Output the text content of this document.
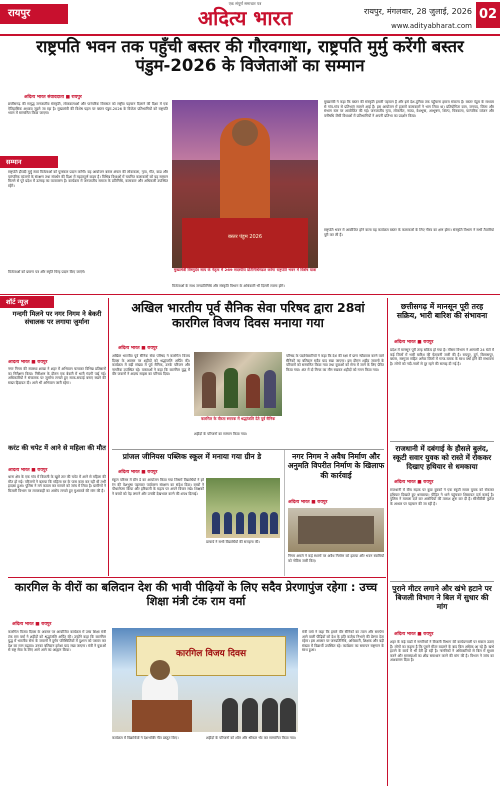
रायपुर
एक संपूर्ण समाचार पत्र
अदित्य भारत	रायपुर, मंगलवार, 28 जुलाई, 2026
www.adityabharat.com
02
राष्ट्रपति भवन तक पहुँची बस्तर की गौरवगाथा, राष्ट्रपति मुर्मु करेंगी बस्तर पंडुम-2026 के विजेताओं का सम्मान
अदित्य भारत संवाददाता ■ रायपुर
छत्तीसगढ़ की समृद्ध जनजातीय संस्कृति, लोककलाओं और पारंपरिक विरासत को राष्ट्रीय पहचान दिलाने की दिशा में एक ऐतिहासिक अध्याय जुड़ने जा रहा है। मुख्यमंत्री की विशेष पहल पर बस्तर पंडुम-2026 के विजेता प्रतिभागियों को राष्ट्रपति भवन में सम्मानित किया जाएगा।
सम्मान
राष्ट्रपति द्रौपदी मुर्मु स्वयं विजेताओं को पुरस्कार प्रदान करेंगी। यह आयोजन बस्तर अंचल की लोककला, नृत्य, गीत, वाद्य और पारंपरिक व्यंजनों के संरक्षण तथा संवर्धन की दिशा में महत्वपूर्ण कदम है। विभिन्न विधाओं में चयनित कलाकारों को यह सम्मान मिलने से पूरे प्रदेश में उत्साह का वातावरण है। कार्यक्रम में जनजातीय समाज के प्रतिनिधि, कलाकार और अधिकारी उपस्थित रहेंगे।
बस्तर पंडुम 2026
मुख्यमंत्री विष्णुदेव साय के नेतृत्व में 269 सदस्यीय प्रतिनिधिमंडल करेगा राष्ट्रपति भवन में विशेष यात्रा
मुख्यमंत्री ने कहा कि बस्तर की संस्कृति हमारी पहचान है और इसे देश-दुनिया तक पहुँचाना हमारा संकल्प है। बस्तर पंडुम के माध्यम से गांव-गांव से प्रतिभाएं सामने आई हैं। इस आयोजन में हजारों कलाकारों ने भाग लिया था। प्रतियोगिता ग्राम, जनपद, जिला और संभाग स्तर पर आयोजित की गई। जनजातीय नृत्य, लोकगीत, नाट्य, वेशभूषा, आभूषण, शिल्प, चित्रकला, पारंपरिक व्यंजन और वनौषधि जैसी विधाओं में प्रतिभागियों ने अपनी प्रतिभा का प्रदर्शन किया।
राष्ट्रपति भवन में आयोजित होने वाला यह कार्यक्रम बस्तर के कलाकारों के लिए गौरव का क्षण होगा। संस्कृति विभाग ने सभी तैयारियां पूरी कर ली हैं।
विजेताओं को प्रमाण पत्र और स्मृति चिन्ह प्रदान किए जाएंगे।
विजेताओं के साथ जनप्रतिनिधि और संस्कृति विभाग के अधिकारी भी दिल्ली रवाना होंगे।
शॉर्ट न्यूज़
गन्दगी मिलने पर नगर निगम ने बेकरी संचालक पर लगाया जुर्माना

अदित्य भारत ■ रायपुर

नगर निगम की स्वास्थ्य शाखा ने शहर में अभियान चलाकर विभिन्न प्रतिष्ठानों का निरीक्षण किया। निरीक्षण के दौरान एक बेकरी में भारी गंदगी पाई गई। अधिकारियों ने संचालक पर जुर्माना लगाते हुए साफ-सफाई बनाए रखने की सख्त हिदायत दी। आगे भी अभियान जारी रहेगा।

करंट की चपेट में आने से महिला की मौत

अदित्य भारत ■ रायपुर

थाना क्षेत्र के एक गांव में बिजली के खुले तार की चपेट में आने से महिला की मौत हो गई। परिजनों ने बताया कि महिला घर के पास काम कर रही थी तभी हादसा हुआ। पुलिस ने मर्ग कायम कर मामले को जांच में लिया है। ग्रामीणों ने बिजली विभाग पर लापरवाही का आरोप लगाते हुए मुआवजे की मांग की है।

अखिल भारतीय पूर्व सैनिक सेवा परिषद द्वारा 28वां कारगिल विजय दिवस मनाया गया
अदित्य भारत ■ रायपुर
अखिल भारतीय पूर्व सैनिक सेवा परिषद ने कारगिल विजय दिवस के अवसर पर शहीदों को श्रद्धांजलि अर्पित की। कार्यक्रम में बड़ी संख्या में पूर्व सैनिक, उनके परिजन और नागरिक उपस्थित रहे। वक्ताओं ने कहा कि कारगिल युद्ध में वीर जवानों ने अदम्य साहस का परिचय दिया।
कारगिल के वीरता स्मारक में श्रद्धांजलि देते पूर्व सैनिक
शहीदों के परिजनों का सम्मान किया गया।
परिषद के पदाधिकारियों ने कहा कि देश की रक्षा में प्राण न्यौछावर करने वाले सैनिकों का बलिदान सदैव याद रखा जाएगा। इस दौरान शहीद जवानों के परिवारों को सम्मानित किया गया तथा युवाओं को सेना में जाने के लिए प्रेरित किया गया। अंत में दो मिनट का मौन रखकर शहीदों को नमन किया गया।
प्रांजल जीनियस पब्लिक स्कूल में मनाया गया ग्रीन डे
अदित्य भारत ■ रायपुर
स्कूल परिसर में ग्रीन डे का आयोजन किया गया जिसमें विद्यार्थियों ने हरे रंग की वेशभूषा पहनकर पर्यावरण संरक्षण का संदेश दिया। बच्चों ने पौधारोपण किया और हरियाली के महत्व पर अपने विचार रखे। शिक्षकों ने बच्चों को पेड़ लगाने और उनकी देखभाल करने की शपथ दिलाई।
प्राचार्य ने सभी विद्यार्थियों की सराहना की।
नगर निगम ने अवैध निर्माण और अनुमति विपरीत निर्माण के खिलाफ की कार्रवाई
अदित्य भारत ■ रायपुर
निगम अमले ने कई स्थानों पर अवैध निर्माण को हटाया और भवन स्वामियों को नोटिस जारी किए।
छत्तीसगढ़ में मानसून पूरी तरह सक्रिय, भारी बारिश की संभावना
अदित्य भारत ■ रायपुर
प्रदेश में मानसून पूरी तरह सक्रिय हो गया है। मौसम विभाग ने आगामी 24 घंटों में कई जिलों में भारी बारिश की चेतावनी जारी की है। रायपुर, दुर्ग, बिलासपुर, बस्तर, सरगुजा सहित अनेक जिलों में गरज-चमक के साथ वर्षा होने की संभावना है। लोगों को नदी-नालों से दूर रहने की सलाह दी गई है।
राजधानी में दबंगाई के हौसले बुलंद, स्कूटी सवार युवक को रास्ते में रोककर दिखाए हथियार से धमकाया
अदित्य भारत ■ रायपुर
राजधानी में बीच सड़क पर कुछ युवकों ने एक स्कूटी सवार युवक को रोककर हथियार दिखाते हुए धमकाया। पीड़ित ने थाने पहुंचकर शिकायत दर्ज कराई है। पुलिस ने मामला दर्ज कर आरोपियों की तलाश शुरू कर दी है। सीसीटीवी फुटेज के आधार पर पहचान की जा रही है।
पुराने मीटर लगाने और खंभे हटाने पर बिजली विभाग ने बिल में सुधार की मांग
अदित्य भारत ■ रायपुर
शहर के कई वार्डों में नागरिकों ने बिजली विभाग की कार्यप्रणाली पर सवाल उठाए हैं। लोगों का कहना है कि पुराने मीटर बदलने के बाद बिल अधिक आ रहे हैं। खंभे हटाने के कार्य में भी देरी हो रही है। नागरिकों ने अधिकारियों से बिल में सुधार करने और समस्याओं का शीघ्र समाधान करने की मांग की है। विभाग ने जांच का आश्वासन दिया है।
कारगिल के वीरों का बलिदान देश की भावी पीढ़ियों के लिए सदैव प्रेरणापुंज रहेगा : उच्च शिक्षा मंत्री टंक राम वर्मा
अदित्य भारत ■ रायपुर
कारगिल विजय दिवस के अवसर पर आयोजित कार्यक्रम में उच्च शिक्षा मंत्री टंक राम वर्मा ने शहीदों को श्रद्धांजलि अर्पित की। उन्होंने कहा कि कारगिल युद्ध में भारतीय सेना के जवानों ने दुर्गम परिस्थितियों में दुश्मन को परास्त कर देश का मान बढ़ाया। उनका बलिदान हमेशा याद रखा जाएगा। मंत्री ने युवाओं से राष्ट्र सेवा के लिए आगे आने का आह्वान किया।	कारगिल विजय दिवस
कार्यक्रम में विद्यार्थियों ने देशभक्ति गीत प्रस्तुत किए।	शहीदों के परिजनों को शॉल और श्रीफल भेंट कर सम्मानित किया गया।
मंत्री वर्मा ने कहा कि हमारे वीर सैनिकों का त्याग और समर्पण आने वाली पीढ़ियों को देश के प्रति कर्तव्य निभाने की प्रेरणा देता रहेगा। इस अवसर पर जनप्रतिनिधि, अधिकारी, शिक्षक और बड़ी संख्या में विद्यार्थी उपस्थित रहे। कार्यक्रम का समापन राष्ट्रगान के साथ हुआ।
